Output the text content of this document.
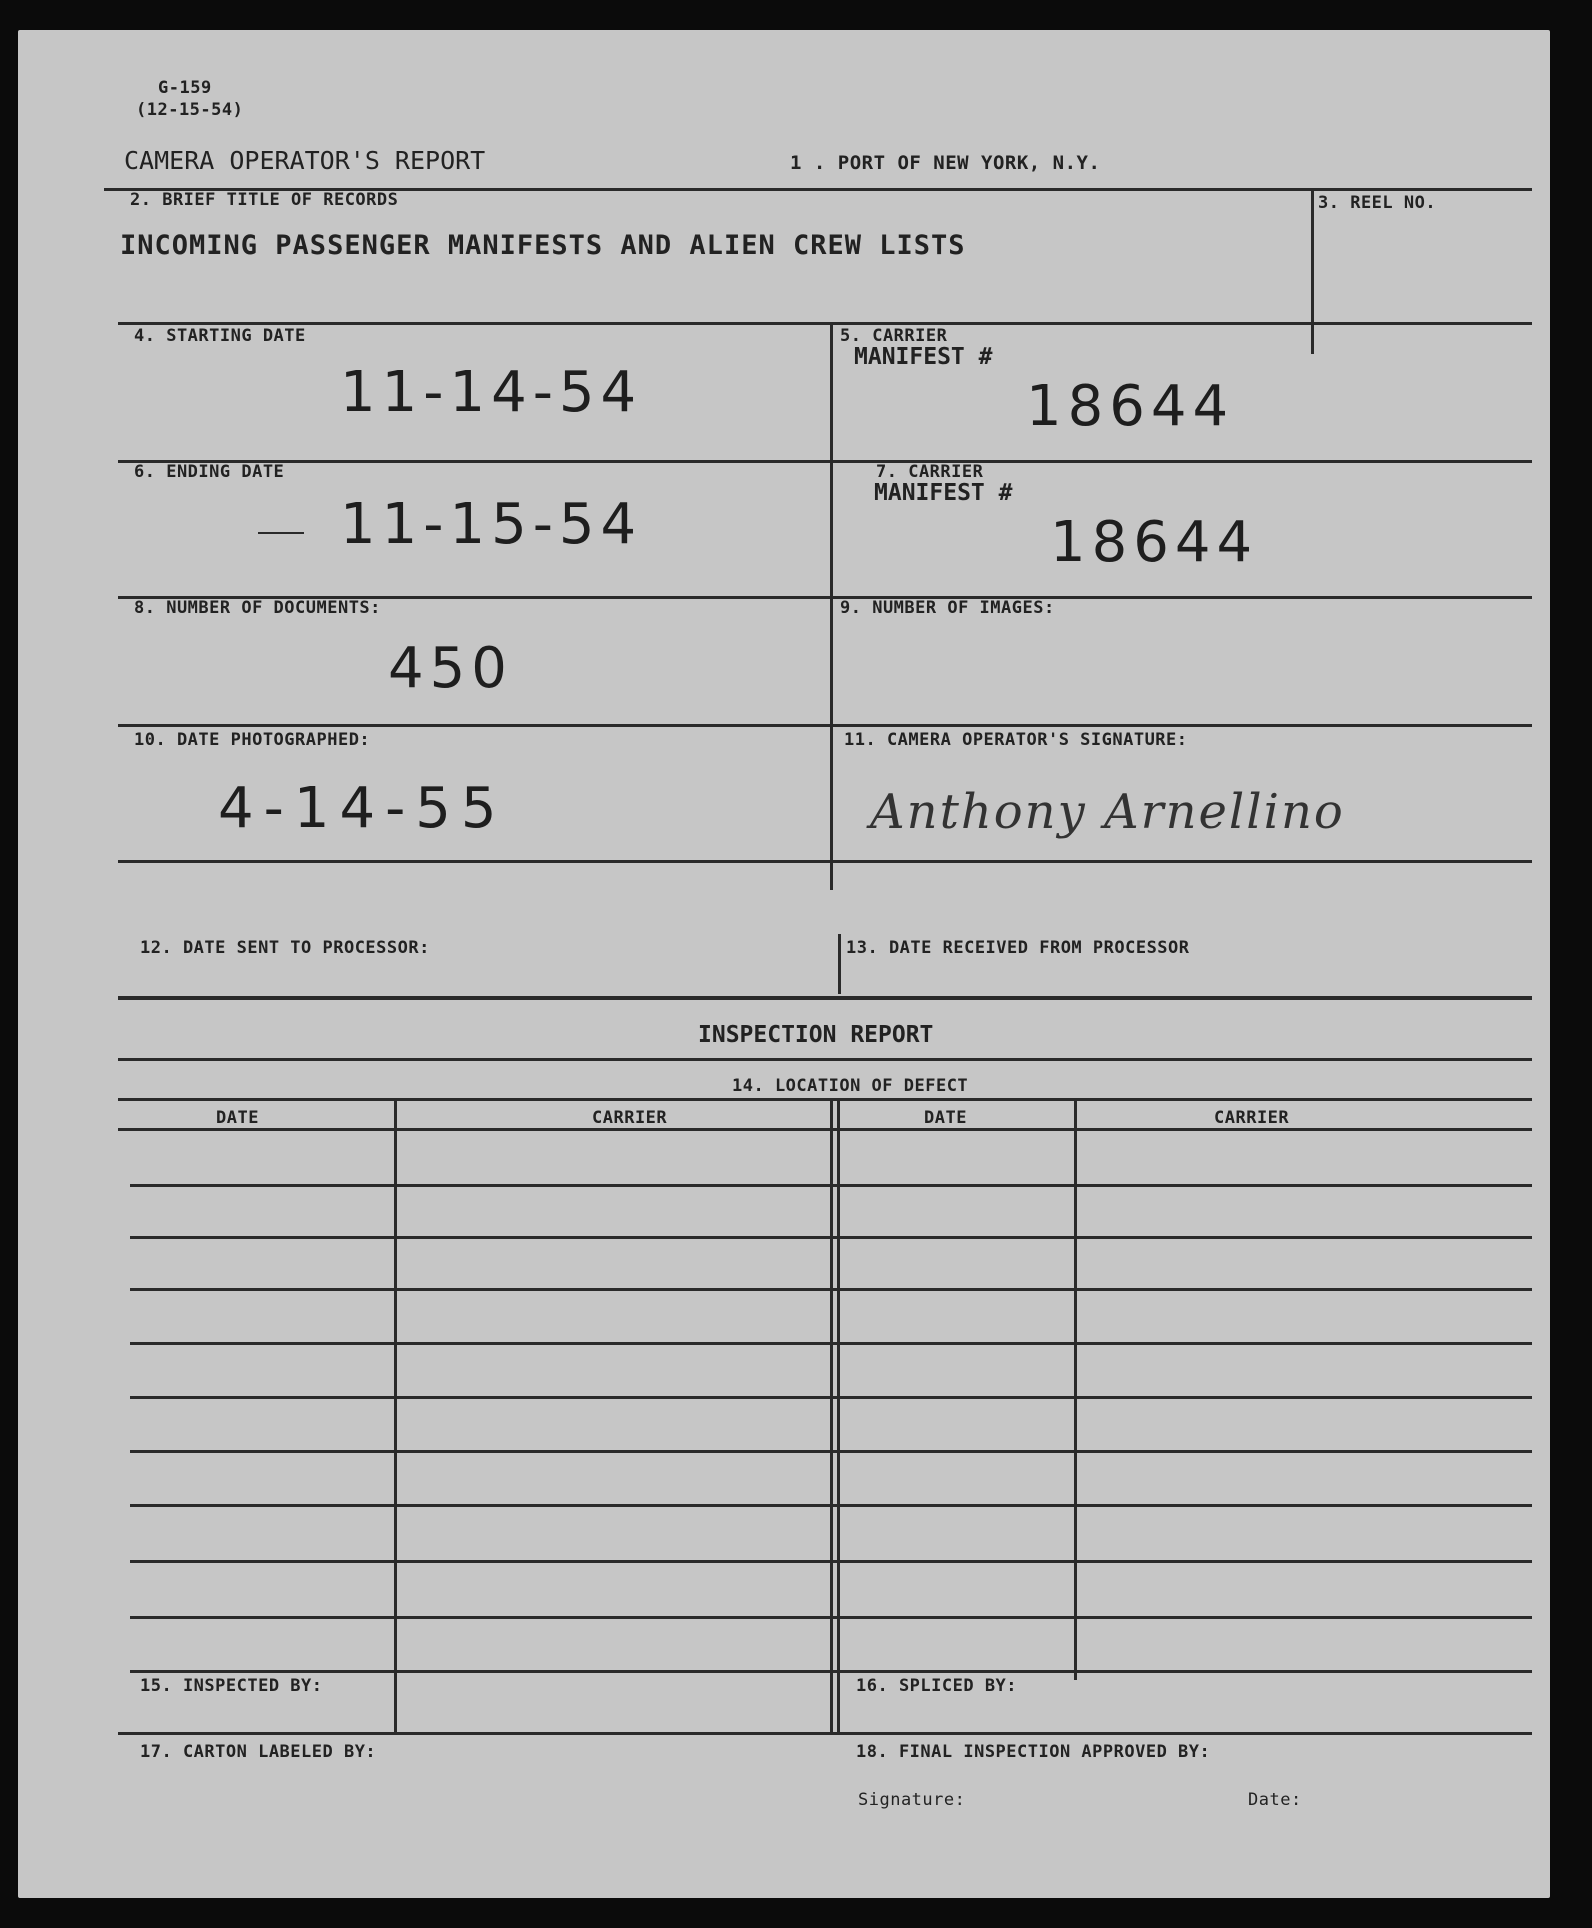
G-159
(12-15-54)
CAMERA OPERATOR'S REPORT	1 . PORT OF NEW YORK, N.Y.
2. BRIEF TITLE OF RECORDS
INCOMING PASSENGER MANIFESTS AND ALIEN CREW LISTS
3. REEL NO.
4. STARTING DATE
11-14-54
5. CARRIER
MANIFEST #
18644
6. ENDING DATE
11-15-54
7. CARRIER
MANIFEST #
18644
8. NUMBER OF DOCUMENTS:
450
9. NUMBER OF IMAGES:
10. DATE PHOTOGRAPHED:
4-14-55
11. CAMERA OPERATOR'S SIGNATURE:
Anthony Arnellino
12. DATE SENT TO PROCESSOR:	13. DATE RECEIVED FROM PROCESSOR
INSPECTION REPORT
14. LOCATION OF DEFECT
DATE	CARRIER	DATE	CARRIER
15. INSPECTED BY:	16. SPLICED BY:
17. CARTON LABELED BY:	18. FINAL INSPECTION APPROVED BY:
Signature:	Date:
